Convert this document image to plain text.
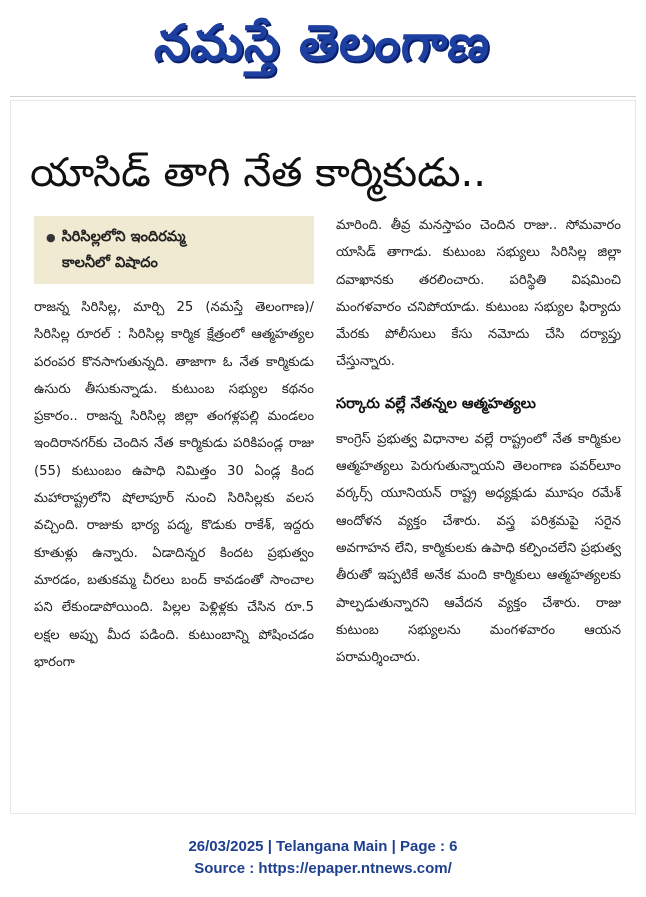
నమస్తే తెలంగాణ
యాసిడ్ తాగి నేత కార్మికుడు..
● సిరిసిల్లలోని ఇందిరమ్మ
కాలనీలో విషాదం

రాజన్న సిరిసిల్ల, మార్చి 25 (నమస్తే తెలంగాణ)/ సిరిసిల్ల రూరల్ : సిరిసిల్ల కార్మిక క్షేత్రంలో ఆత్మహత్యల పరంపర కొనసాగుతున్నది. తాజాగా ఓ నేత కార్మికుడు ఉసురు తీసుకున్నాడు. కుటుంబ సభ్యుల కథనం ప్రకారం.. రాజన్న సిరిసిల్ల జిల్లా తంగళ్లపల్లి మండలం ఇందిరానగర్‌కు చెందిన నేత కార్మికుడు పరికిపండ్ల రాజు (55) కుటుంబం ఉపాధి నిమిత్తం 30 ఏండ్ల కింద మహారాష్ట్రలోని షోలాపూర్ నుంచి సిరిసిల్లకు వలస వచ్చింది. రాజుకు భార్య పద్మ, కొడుకు రాకేశ్, ఇద్దరు కూతుళ్లు ఉన్నారు. ఏడాదిన్నర కిందట ప్రభుత్వం మారడం, బతుకమ్మ చీరలు బంద్ కావడంతో సాంచాల పని లేకుండాపోయింది. పిల్లల పెళ్లిళ్లకు చేసిన రూ.5 లక్షల అప్పు మీద పడింది. కుటుంబాన్ని పోషించడం భారంగా

మారింది. తీవ్ర మనస్తాపం చెందిన రాజు.. సోమవారం యాసిడ్ తాగాడు. కుటుంబ సభ్యులు సిరిసిల్ల జిల్లా దవాఖానకు తరలించారు. పరిస్థితి విషమించి మంగళవారం చనిపోయాడు. కుటుంబ సభ్యుల ఫిర్యాదు మేరకు పోలీసులు కేసు నమోదు చేసి దర్యాప్తు చేస్తున్నారు.

సర్కారు వల్లే నేతన్నల ఆత్మహత్యలు

కాంగ్రెస్ ప్రభుత్వ విధానాల వల్లే రాష్ట్రంలో నేత కార్మికుల ఆత్మహత్యలు పెరుగుతున్నాయని తెలంగాణ పవర్‌లూం వర్కర్స్ యూనియన్ రాష్ట్ర అధ్యక్షుడు మూషం రమేశ్ ఆందోళన వ్యక్తం చేశారు. వస్త్ర పరిశ్రమపై సరైన అవగాహన లేని, కార్మికులకు ఉపాధి కల్పించలేని ప్రభుత్వ తీరుతో ఇప్పటికే అనేక మంది కార్మికులు ఆత్మహత్యలకు పాల్పడుతున్నారని ఆవేదన వ్యక్తం చేశారు. రాజు కుటుంబ సభ్యులను మంగళవారం ఆయన పరామర్శించారు.

26/03/2025 | Telangana Main | Page : 6
Source : https://epaper.ntnews.com/
